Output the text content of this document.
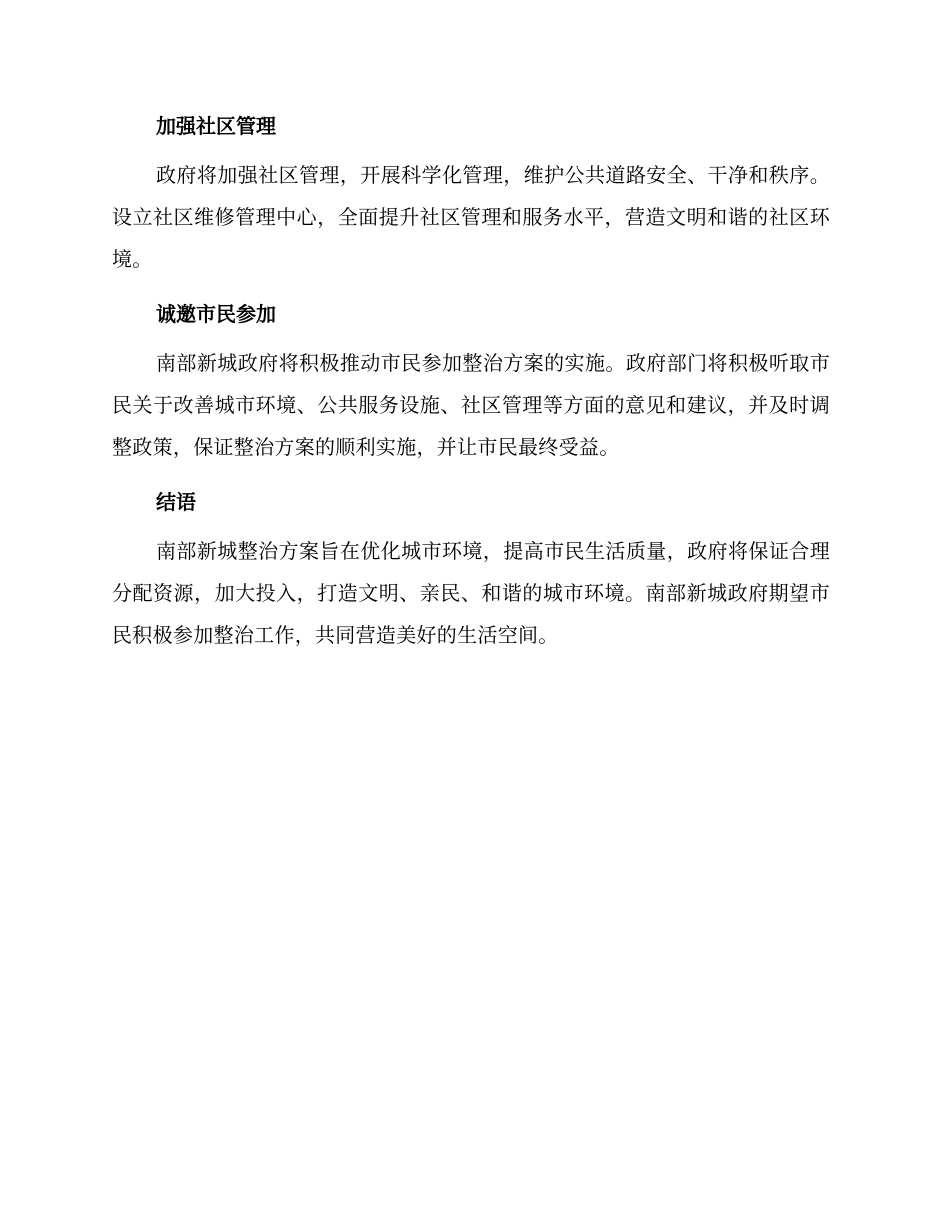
加强社区管理

政府将加强社区管理，开展科学化管理，维护公共道路安全、干净和秩序。设立社区维修管理中心，全面提升社区管理和服务水平，营造文明和谐的社区环境。

诚邀市民参加

南部新城政府将积极推动市民参加整治方案的实施。政府部门将积极听取市民关于改善城市环境、公共服务设施、社区管理等方面的意见和建议，并及时调整政策，保证整治方案的顺利实施，并让市民最终受益。

结语

南部新城整治方案旨在优化城市环境，提高市民生活质量，政府将保证合理分配资源，加大投入，打造文明、亲民、和谐的城市环境。南部新城政府期望市民积极参加整治工作，共同营造美好的生活空间。
